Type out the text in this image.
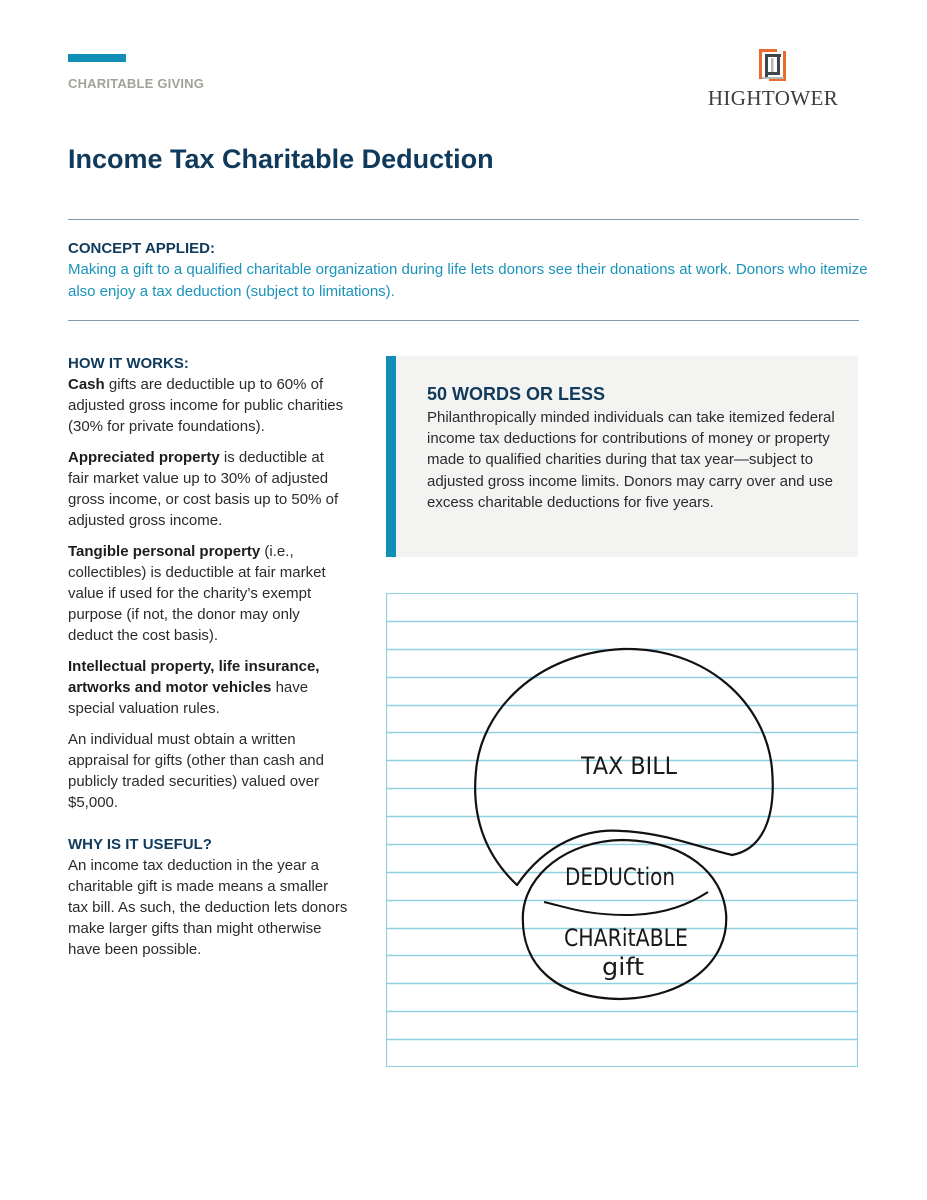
CHARITABLE GIVING
HIGHTOWER
Income Tax Charitable Deduction

CONCEPT APPLIED:

Making a gift to a qualified charitable organization during life lets donors see their donations at work. Donors who itemize also enjoy a tax deduction (subject to limitations).

HOW IT WORKS:

Cash gifts are deductible up to 60% of adjusted gross income for public charities (30% for private foundations).

Appreciated property is deductible at fair market value up to 30% of adjusted gross income, or cost basis up to 50% of adjusted gross income.

Tangible personal property (i.e., collectibles) is deductible at fair market value if used for the charity’s exempt purpose (if not, the donor may only deduct the cost basis).

Intellectual property, life insurance, artworks and motor vehicles have special valuation rules.

An individual must obtain a written appraisal for gifts (other than cash and publicly traded securities) valued over $5,000.

WHY IS IT USEFUL?

An income tax deduction in the year a charitable gift is made means a smaller tax bill. As such, the deduction lets donors make larger gifts than might otherwise have been possible.

50 WORDS OR LESS

Philanthropically minded individuals can take itemized federal income tax deductions for contributions of money or property made to qualified charities during that tax year—subject to adjusted gross income limits. Donors may carry over and use excess charitable deductions for five years.

TAX BILL
DEDUCtion
CHARitABLE
gift
